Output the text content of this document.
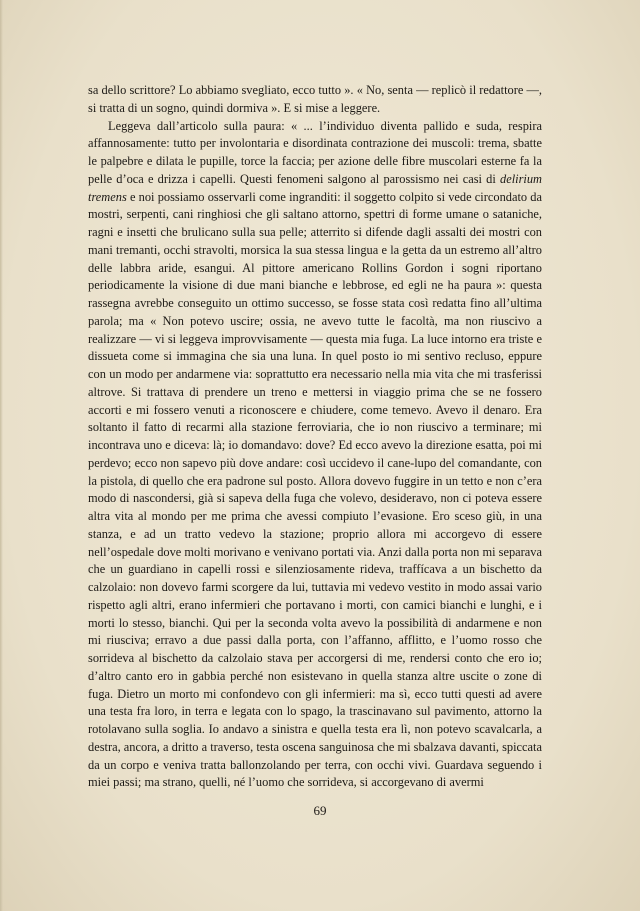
sa dello scrittore? Lo abbiamo svegliato, ecco tutto ». « No, senta — replicò il redattore —, si tratta di un sogno, quindi dormiva ». E si mise a leggere.

Leggeva dall’articolo sulla paura: « ... l’individuo diventa pallido e suda, respira affannosamente: tutto per involontaria e disordinata contrazione dei muscoli: trema, sbatte le palpebre e dilata le pupille, torce la faccia; per azione delle fibre muscolari esterne fa la pelle d’oca e drizza i capelli. Questi fenomeni salgono al parossismo nei casi di delirium tremens e noi possiamo osservarli come ingranditi: il soggetto colpito si vede circondato da mostri, serpenti, cani ringhiosi che gli saltano attorno, spettri di forme umane o sataniche, ragni e insetti che brulicano sulla sua pelle; atterrito si difende dagli assalti dei mostri con mani tremanti, occhi stravolti, morsica la sua stessa lingua e la getta da un estremo all’altro delle labbra aride, esangui. Al pittore americano Rollins Gordon i sogni riportano periodicamente la visione di due mani bianche e lebbrose, ed egli ne ha paura »: questa rassegna avrebbe conseguito un ottimo successo, se fosse stata così redatta fino all’ultima parola; ma « Non potevo uscire; ossia, ne avevo tutte le facoltà, ma non riuscivo a realizzare — vi si leggeva improvvisamente — questa mia fuga. La luce intorno era triste e dissueta come si immagina che sia una luna. In quel posto io mi sentivo recluso, eppure con un modo per andarmene via: soprattutto era necessario nella mia vita che mi trasferissi altrove. Si trattava di prendere un treno e mettersi in viaggio prima che se ne fossero accorti e mi fossero venuti a riconoscere e chiudere, come temevo. Avevo il denaro. Era soltanto il fatto di recarmi alla stazione ferroviaria, che io non riuscivo a terminare; mi incontrava uno e diceva: là; io domandavo: dove? Ed ecco avevo la direzione esatta, poi mi perdevo; ecco non sapevo più dove andare: così uccidevo il cane-lupo del comandante, con la pistola, di quello che era padrone sul posto. Allora dovevo fuggire in un tetto e non c’era modo di nascondersi, già si sapeva della fuga che volevo, desideravo, non ci poteva essere altra vita al mondo per me prima che avessi compiuto l’evasione. Ero sceso giù, in una stanza, e ad un tratto vedevo la stazione; proprio allora mi accorgevo di essere nell’ospedale dove molti morivano e venivano portati via. Anzi dalla porta non mi separava che un guardiano in capelli rossi e silenziosamente rideva, traffícava a un bischetto da calzolaio: non dovevo farmi scorgere da lui, tuttavia mi vedevo vestito in modo assai vario rispetto agli altri, erano infermieri che portavano i morti, con camici bianchi e lunghi, e i morti lo stesso, bianchi. Qui per la seconda volta avevo la possibilità di andarmene e non mi riusciva; erravo a due passi dalla porta, con l’affanno, afflitto, e l’uomo rosso che sorrideva al bischetto da calzolaio stava per accorgersi di me, rendersi conto che ero io; d’altro canto ero in gabbia perché non esistevano in quella stanza altre uscite o zone di fuga. Dietro un morto mi confondevo con gli infermieri: ma sì, ecco tutti questi ad avere una testa fra loro, in terra e legata con lo spago, la trascinavano sul pavimento, attorno la rotolavano sulla soglia. Io andavo a sinistra e quella testa era lì, non potevo scavalcarla, a destra, ancora, a dritto a traverso, testa oscena sanguinosa che mi sbalzava davanti, spiccata da un corpo e veniva tratta ballonzolando per terra, con occhi vivi. Guardava seguendo i miei passi; ma strano, quelli, né l’uomo che sorrideva, si accorgevano di avermi

69
